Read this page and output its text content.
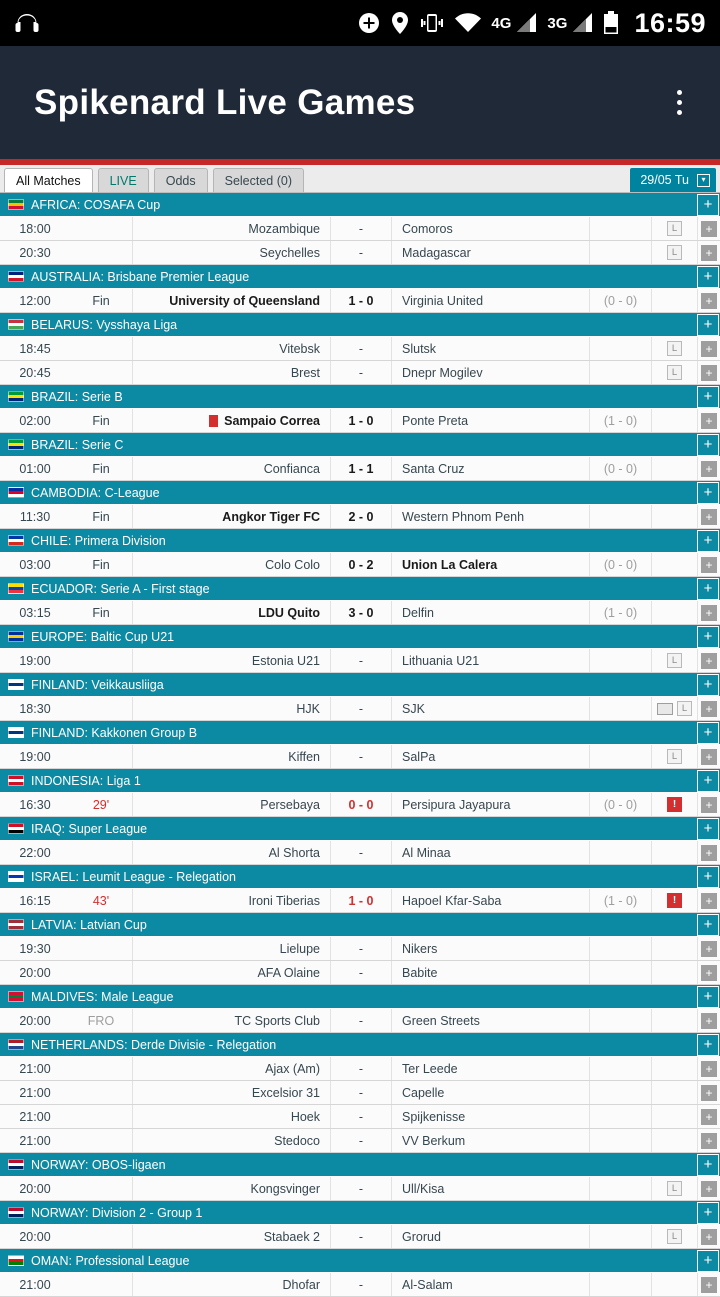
4G 3G 16:59
Spikenard Live Games
All Matches	LIVE	Odds	Selected (0)	29/05 Tu	▾
AFRICA: COSAFA Cup	+
18:00	Mozambique	-	Comoros	L	+
20:30	Seychelles	-	Madagascar	L	+
AUSTRALIA: Brisbane Premier League	+
12:00	Fin	University of Queensland	1 - 0	Virginia United	(0 - 0)	+
BELARUS: Vysshaya Liga	+
18:45	Vitebsk	-	Slutsk	L	+
20:45	Brest	-	Dnepr Mogilev	L	+
BRAZIL: Serie B	+
02:00	Fin	Sampaio Correa	1 - 0	Ponte Preta	(1 - 0)	+
BRAZIL: Serie C	+
01:00	Fin	Confianca	1 - 1	Santa Cruz	(0 - 0)	+
CAMBODIA: C-League	+
11:30	Fin	Angkor Tiger FC	2 - 0	Western Phnom Penh	+
CHILE: Primera Division	+
03:00	Fin	Colo Colo	0 - 2	Union La Calera	(0 - 0)	+
ECUADOR: Serie A - First stage	+
03:15	Fin	LDU Quito	3 - 0	Delfin	(1 - 0)	+
EUROPE: Baltic Cup U21	+
19:00	Estonia U21	-	Lithuania U21	L	+
FINLAND: Veikkausliiga	+
18:30	HJK	-	SJK	L	+
FINLAND: Kakkonen Group B	+
19:00	Kiffen	-	SalPa	L	+
INDONESIA: Liga 1	+
16:30	29'	Persebaya	0 - 0	Persipura Jayapura	(0 - 0)	!	+
IRAQ: Super League	+
22:00	Al Shorta	-	Al Minaa	+
ISRAEL: Leumit League - Relegation	+
16:15	43'	Ironi Tiberias	1 - 0	Hapoel Kfar-Saba	(1 - 0)	!	+
LATVIA: Latvian Cup	+
19:30	Lielupe	-	Nikers	+
20:00	AFA Olaine	-	Babite	+
MALDIVES: Male League	+
20:00	FRO	TC Sports Club	-	Green Streets	+
NETHERLANDS: Derde Divisie - Relegation	+
21:00	Ajax (Am)	-	Ter Leede	+
21:00	Excelsior 31	-	Capelle	+
21:00	Hoek	-	Spijkenisse	+
21:00	Stedoco	-	VV Berkum	+
NORWAY: OBOS-ligaen	+
20:00	Kongsvinger	-	Ull/Kisa	L	+
NORWAY: Division 2 - Group 1	+
20:00	Stabaek 2	-	Grorud	L	+
OMAN: Professional League	+
21:00	Dhofar	-	Al-Salam	+
